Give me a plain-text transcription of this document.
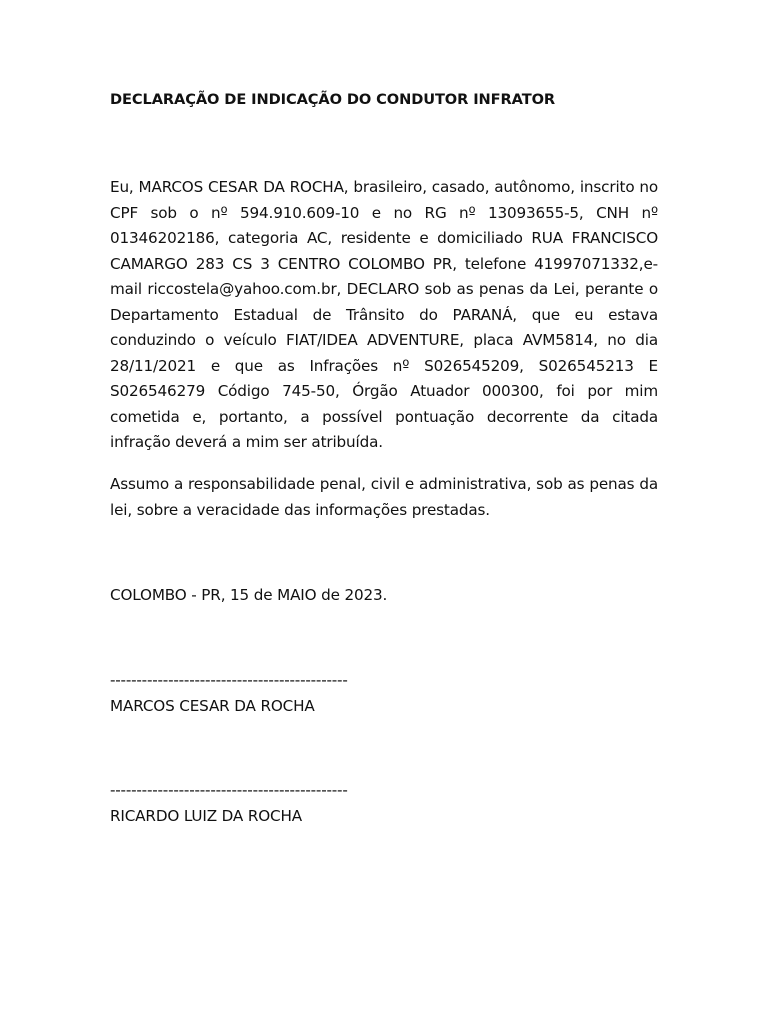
DECLARAÇÃO DE INDICAÇÃO DO CONDUTOR INFRATOR

Eu, MARCOS CESAR DA ROCHA, brasileiro, casado, autônomo, inscrito no CPF sob o nº 594.910.609-10 e no RG nº 13093655-5, CNH nº 01346202186, categoria AC, residente e domiciliado RUA FRANCISCO CAMARGO 283 CS 3 CENTRO COLOMBO PR, telefone 41997071332,e-mail riccostela@yahoo.com.br, DECLARO sob as penas da Lei, perante o Departamento Estadual de Trânsito do PARANÁ, que eu estava conduzindo o veículo FIAT/IDEA ADVENTURE, placa AVM5814, no dia 28/11/2021 e que as Infrações nº S026545209, S026545213 E S026546279 Código 745-50, Órgão Atuador 000300, foi por mim cometida e, portanto, a possível pontuação decorrente da citada infração deverá a mim ser atribuída.

Assumo a responsabilidade penal, civil e administrativa, sob as penas da lei, sobre a veracidade das informações prestadas.

COLOMBO - PR, 15 de MAIO de 2023.

---------------------------------------------

MARCOS CESAR DA ROCHA

---------------------------------------------

RICARDO LUIZ DA ROCHA
